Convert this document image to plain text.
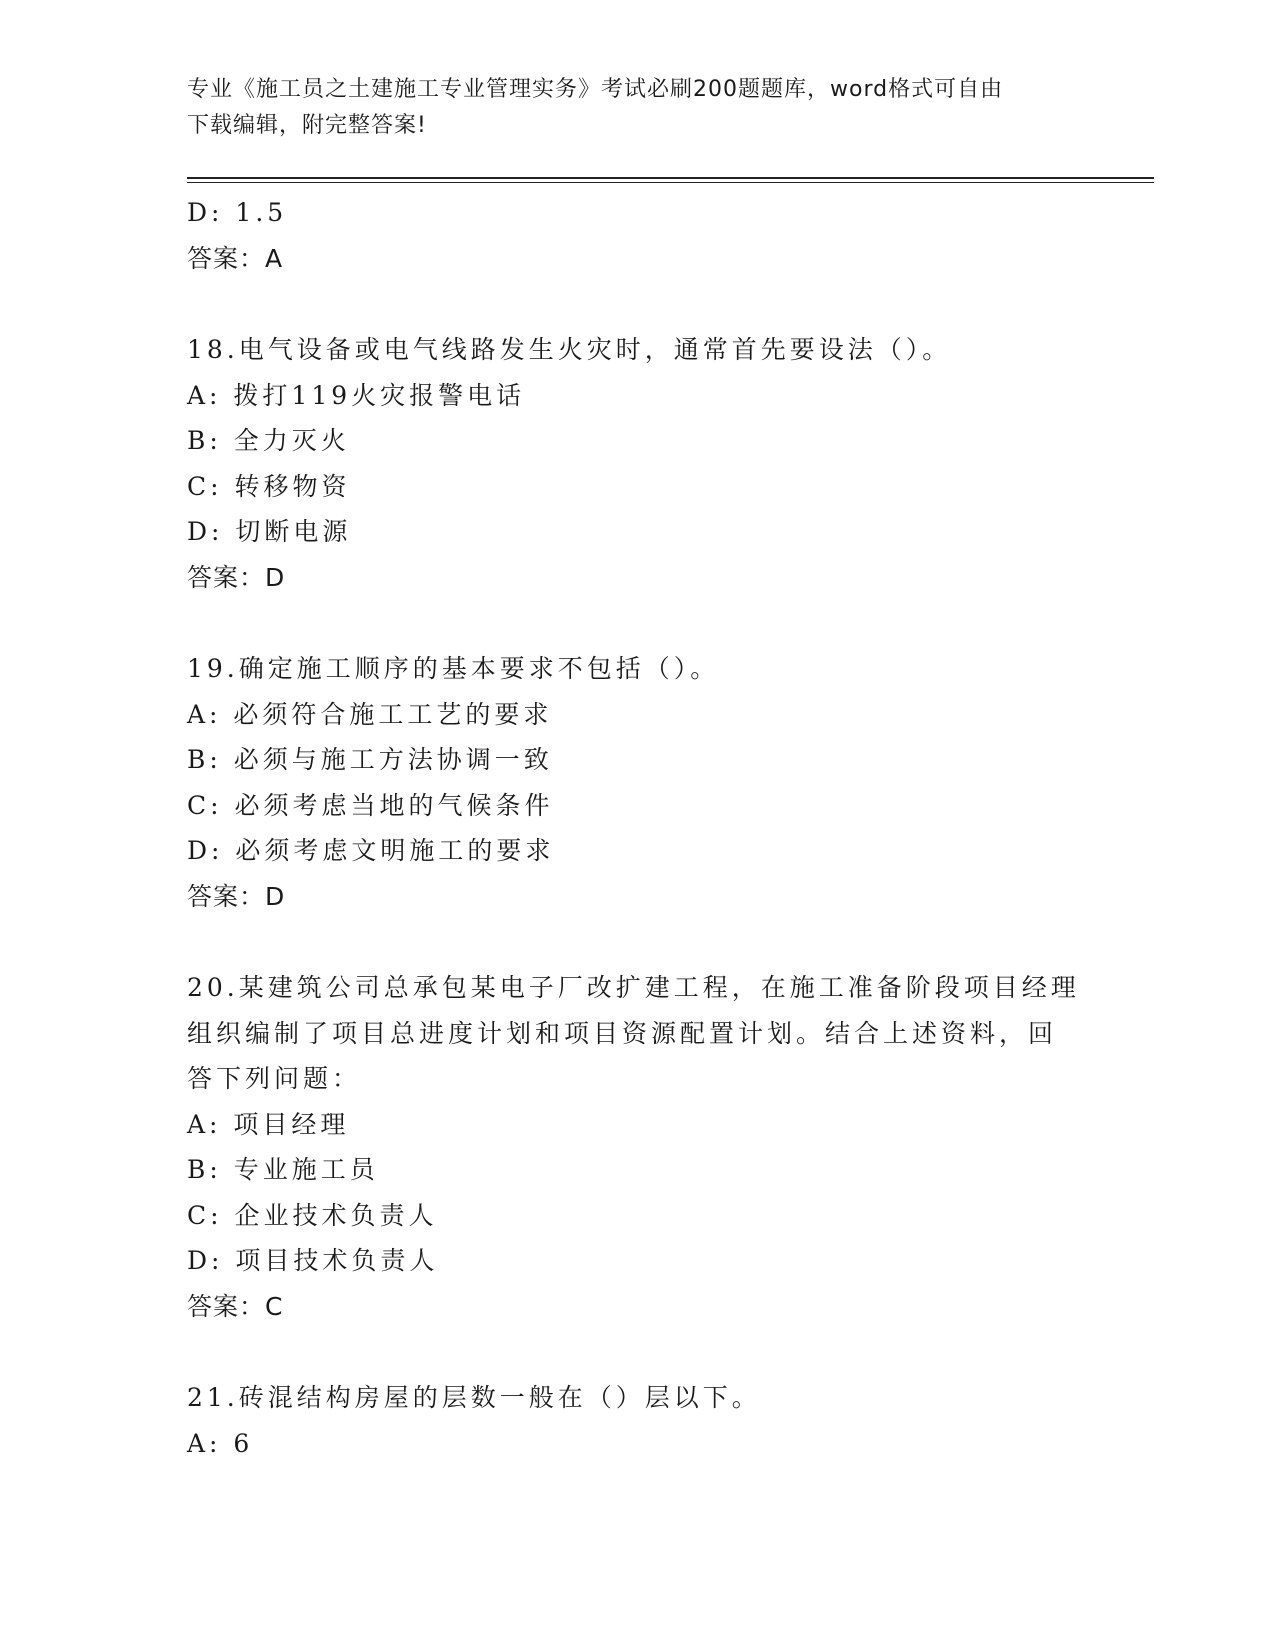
专业《施工员之土建施工专业管理实务》考试必刷200题题库，word格式可自由
下载编辑，附完整答案!
D: 1.5
答案：A
18.电气设备或电气线路发生火灾时，通常首先要设法（）。
A: 拨打119火灾报警电话
B: 全力灭火
C: 转移物资
D: 切断电源
答案：D
19.确定施工顺序的基本要求不包括（）。
A: 必须符合施工工艺的要求
B: 必须与施工方法协调一致
C: 必须考虑当地的气候条件
D: 必须考虑文明施工的要求
答案：D
20.某建筑公司总承包某电子厂改扩建工程，在施工准备阶段项目经理
组织编制了项目总进度计划和项目资源配置计划。结合上述资料，回
答下列问题：
A: 项目经理
B: 专业施工员
C: 企业技术负责人
D: 项目技术负责人
答案：C
21.砖混结构房屋的层数一般在（）层以下。
A: 6
